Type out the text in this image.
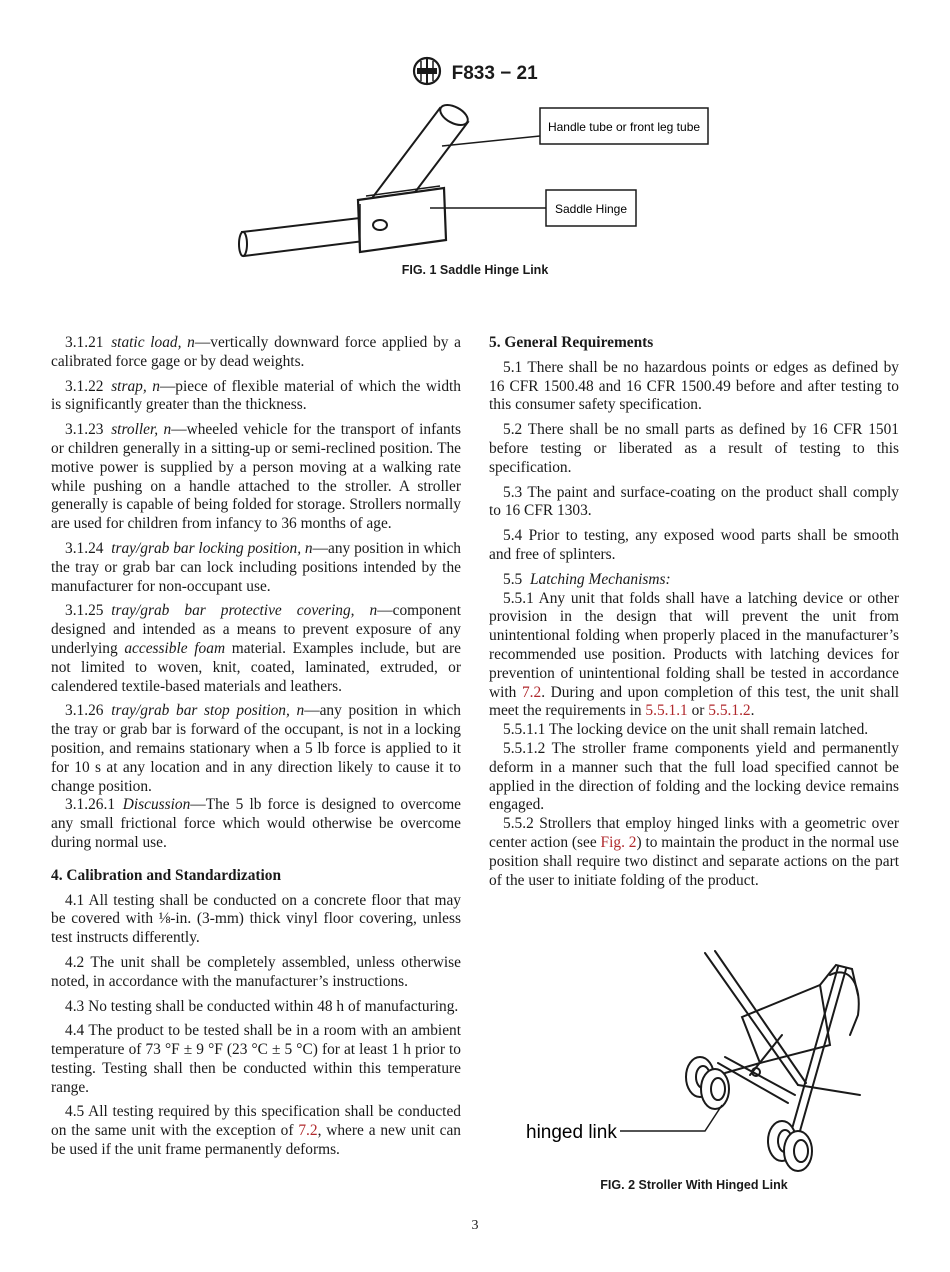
F833 − 21
Handle tube or front leg tube
Saddle Hinge
FIG. 1 Saddle Hinge Link

3.1.21  static load, n—vertically downward force applied by a calibrated force gage or by dead weights.

3.1.22  strap, n—piece of flexible material of which the width is significantly greater than the thickness.

3.1.23  stroller, n—wheeled vehicle for the transport of infants or children generally in a sitting-up or semi-reclined position. The motive power is supplied by a person moving at a walking rate while pushing on a handle attached to the stroller. A stroller generally is capable of being folded for storage. Strollers normally are used for children from infancy to 36 months of age.

3.1.24  tray/grab bar locking position, n—any position in which the tray or grab bar can lock including positions intended by the manufacturer for non-occupant use.

3.1.25  tray/grab bar protective covering, n—component designed and intended as a means to prevent exposure of any underlying accessible foam material. Examples include, but are not limited to woven, knit, coated, laminated, extruded, or calendered textile-based materials and leathers.

3.1.26  tray/grab bar stop position, n—any position in which the tray or grab bar is forward of the occupant, is not in a locking position, and remains stationary when a 5 lb force is applied to it for 10 s at any location and in any direction likely to cause it to change position.

3.1.26.1  Discussion—The 5 lb force is designed to overcome any small frictional force which would otherwise be overcome during normal use.

4. Calibration and Standardization

4.1 All testing shall be conducted on a concrete floor that may be covered with ⅛-in. (3-mm) thick vinyl floor covering, unless test instructs differently.

4.2 The unit shall be completely assembled, unless otherwise noted, in accordance with the manufacturer’s instructions.

4.3 No testing shall be conducted within 48 h of manufacturing.

4.4 The product to be tested shall be in a room with an ambient temperature of 73 °F ± 9 °F (23 °C ± 5 °C) for at least 1 h prior to testing. Testing shall then be conducted within this temperature range.

4.5 All testing required by this specification shall be conducted on the same unit with the exception of 7.2, where a new unit can be used if the unit frame permanently deforms.

5. General Requirements

5.1 There shall be no hazardous points or edges as defined by 16 CFR 1500.48 and 16 CFR 1500.49 before and after testing to this consumer safety specification.

5.2 There shall be no small parts as defined by 16 CFR 1501 before testing or liberated as a result of testing to this specification.

5.3 The paint and surface-coating on the product shall comply to 16 CFR 1303.

5.4 Prior to testing, any exposed wood parts shall be smooth and free of splinters.

5.5  Latching Mechanisms:

5.5.1 Any unit that folds shall have a latching device or other provision in the design that will prevent the unit from unintentional folding when properly placed in the manufacturer’s recommended use position. Products with latching devices for prevention of unintentional folding shall be tested in accordance with 7.2. During and upon completion of this test, the unit shall meet the requirements in 5.5.1.1 or 5.5.1.2.

5.5.1.1 The locking device on the unit shall remain latched.

5.5.1.2 The stroller frame components yield and permanently deform in a manner such that the full load specified cannot be applied in the direction of folding and the locking device remains engaged.

5.5.2 Strollers that employ hinged links with a geometric over center action (see Fig. 2) to maintain the product in the normal use position shall require two distinct and separate actions on the part of the user to initiate folding of the product.

hinged link
FIG. 2 Stroller With Hinged Link
3
